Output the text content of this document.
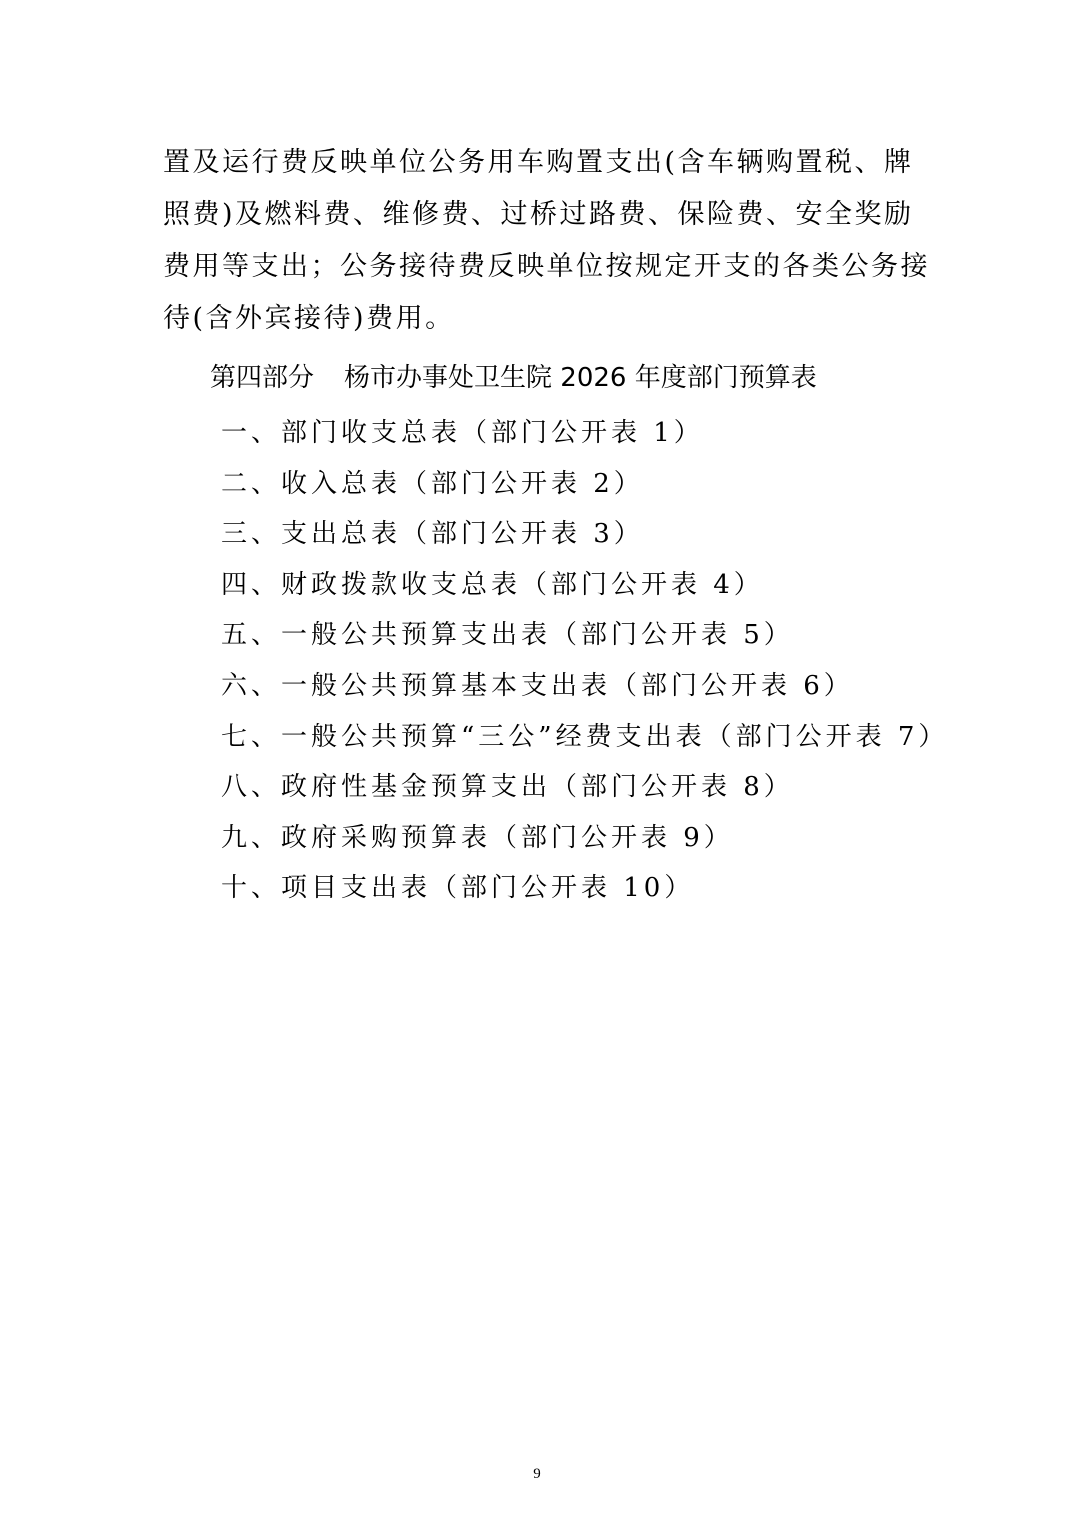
置及运行费反映单位公务用车购置支出(含车辆购置税、牌
照费)及燃料费、维修费、过桥过路费、保险费、安全奖励
费用等支出；公务接待费反映单位按规定开支的各类公务接
待(含外宾接待)费用。

第四部分 杨市办事处卫生院 2026 年度部门预算表
一、部门收支总表（部门公开表 1）
二、收入总表（部门公开表 2）
三、支出总表（部门公开表 3）
四、财政拨款收支总表（部门公开表 4）
五、一般公共预算支出表（部门公开表 5）
六、一般公共预算基本支出表（部门公开表 6）
七、一般公共预算“三公”经费支出表（部门公开表 7）
八、政府性基金预算支出（部门公开表 8）
九、政府采购预算表（部门公开表 9）
十、项目支出表（部门公开表 10）
9
